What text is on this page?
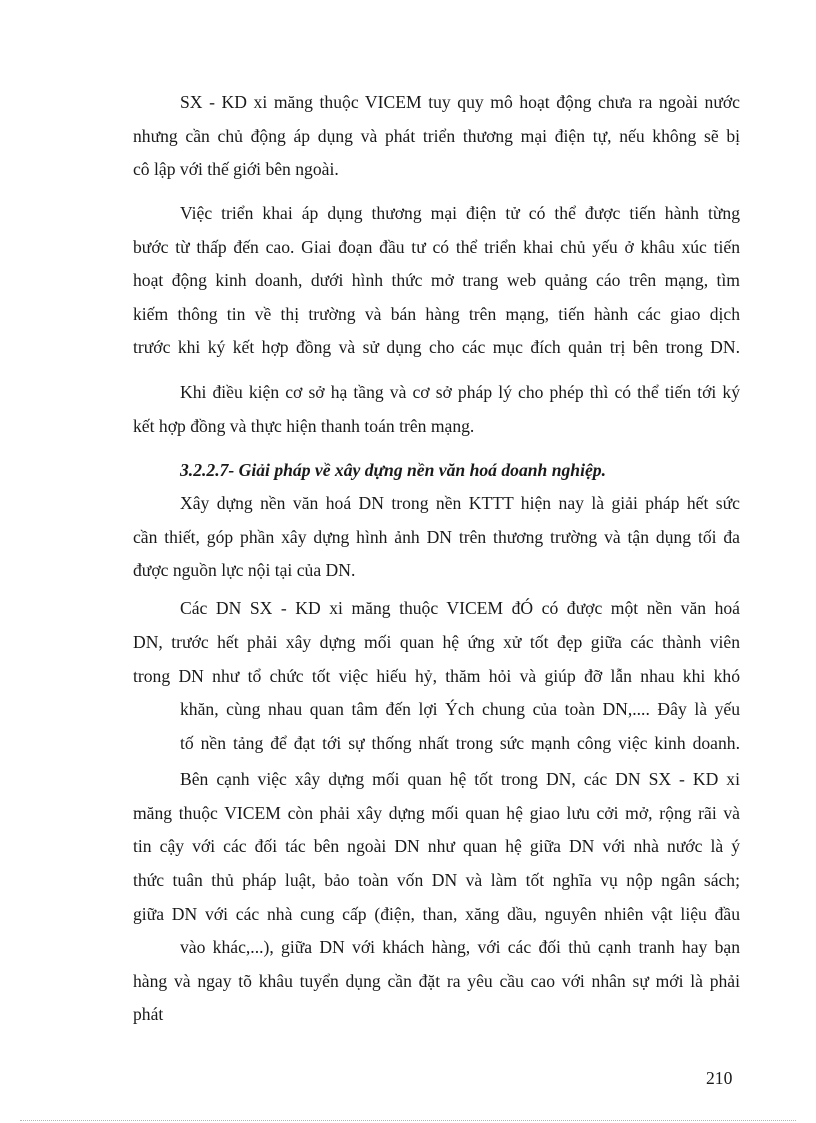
SX - KD xi măng thuộc VICEM tuy quy mô hoạt động chưa ra ngoài nước
nhưng cần chủ động áp dụng và phát triển thương mại điện tự, nếu không sẽ bị
cô lập với thế giới bên ngoài.
Việc triển khai áp dụng thương mại điện tử có thể được tiến hành từng
bước từ thấp đến cao. Giai đoạn đầu tư có thể triển khai chủ yếu ở khâu xúc tiến
hoạt động kinh doanh, dưới hình thức mở trang web quảng cáo trên mạng, tìm
kiếm thông tin về thị trường và bán hàng trên mạng, tiến hành các giao dịch
trước khi ký kết hợp đồng và sử dụng cho các mục đích quản trị bên trong DN.
Khi điều kiện cơ sở hạ tầng và cơ sở pháp lý cho phép thì có thể tiến tới ký
kết hợp đồng và thực hiện thanh toán trên mạng.
3.2.2.7- Giải pháp về xây dựng nền văn hoá doanh nghiệp.
Xây dựng nền văn hoá DN trong nền KTTT hiện nay là giải pháp hết sức
cần thiết, góp phần xây dựng hình ảnh DN trên thương trường và tận dụng tối đa
được nguồn lực nội tại của DN.
Các DN SX - KD xi măng thuộc VICEM đÓ có được một nền văn hoá
DN, trước hết phải xây dựng mối quan hệ ứng xử tốt đẹp giữa các thành viên
trong DN như tổ chức tốt việc hiếu hỷ, thăm hỏi và giúp đỡ lẫn nhau khi khó
khăn, cùng nhau quan tâm đến lợi Ých chung của toàn DN,.... Đây là yếu
tố nền tảng để đạt tới sự thống nhất trong sức mạnh công việc kinh doanh.
Bên cạnh việc xây dựng mối quan hệ tốt trong DN, các DN SX - KD xi
măng thuộc VICEM còn phải xây dựng mối quan hệ giao lưu cởi mở, rộng rãi và
tin cậy với các đối tác bên ngoài DN như quan hệ giữa DN với nhà nước là ý
thức tuân thủ pháp luật, bảo toàn vốn DN và làm tốt nghĩa vụ nộp ngân sách;
giữa DN với các nhà cung cấp (điện, than, xăng dầu, nguyên nhiên vật liệu đầu
vào khác,...), giữa DN với khách hàng, với các đối thủ cạnh tranh hay bạn
hàng và ngay tõ khâu tuyển dụng cần đặt ra yêu cầu cao với nhân sự mới là phải
phát
210
